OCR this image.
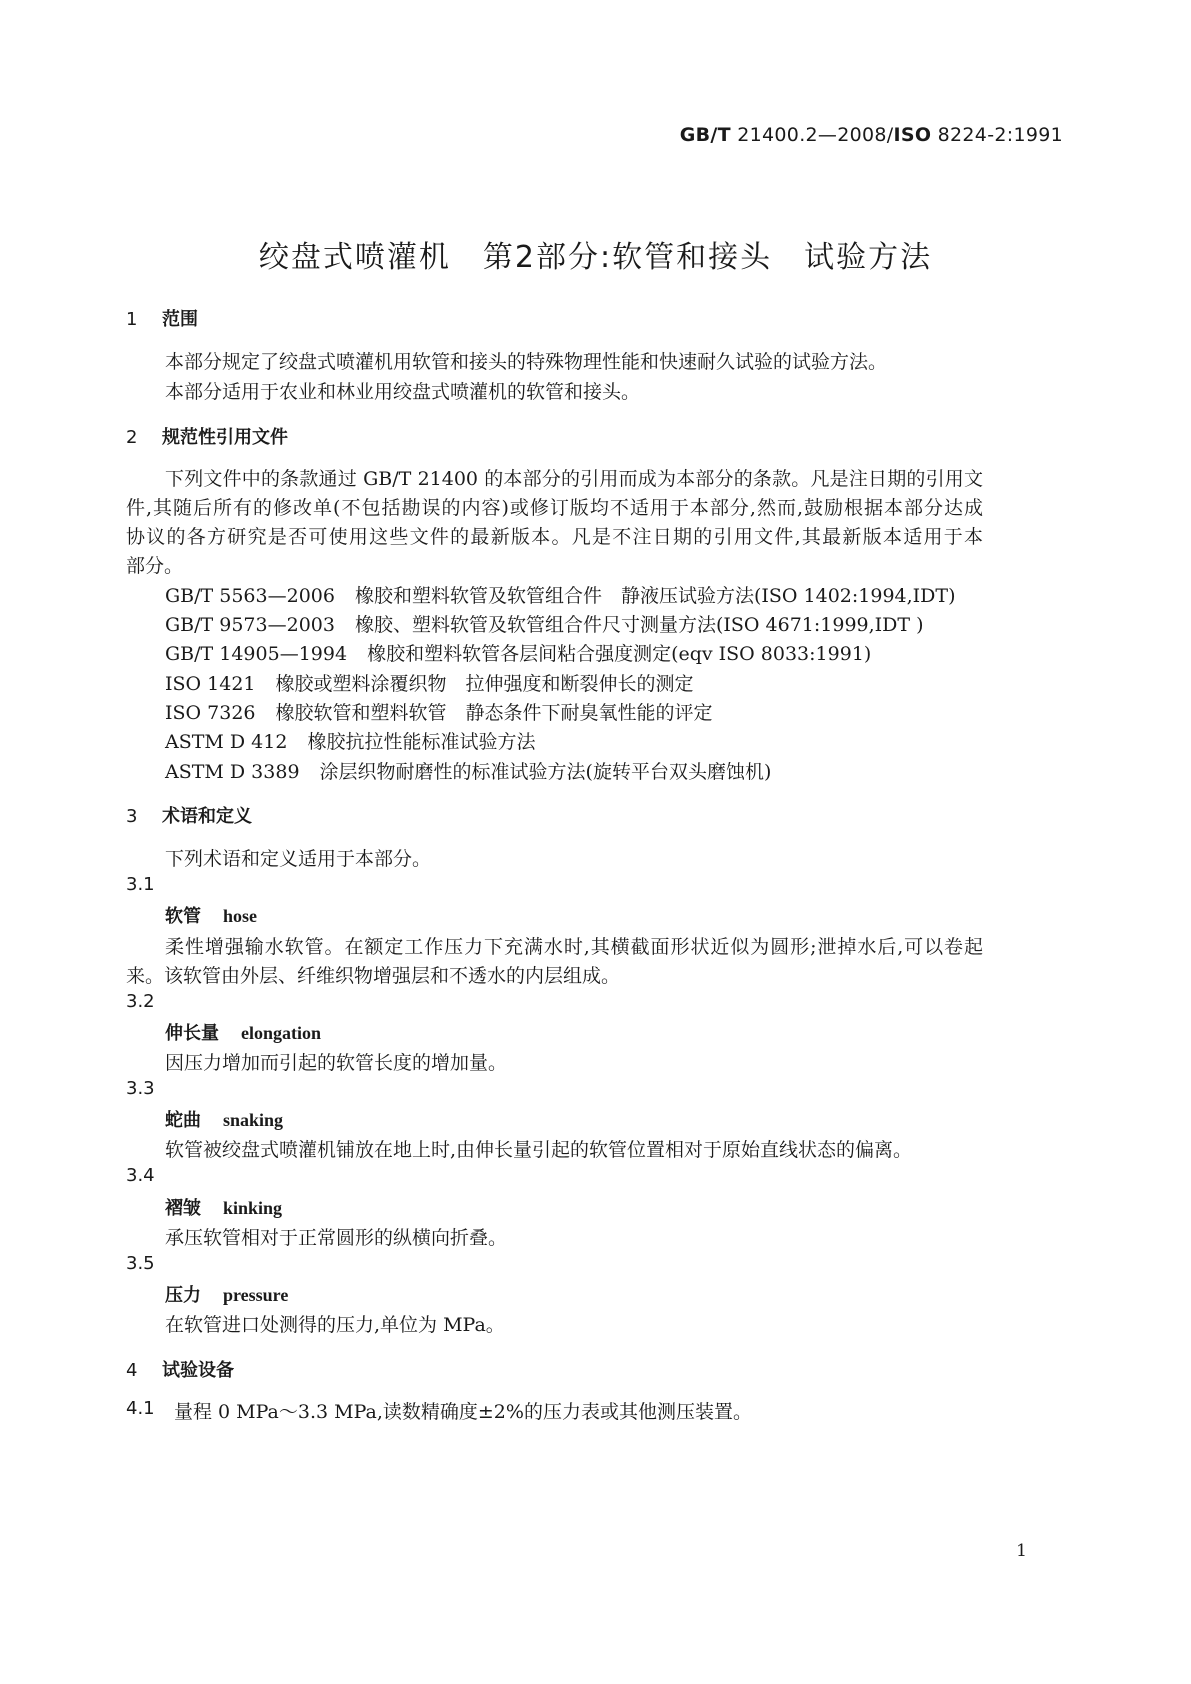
GB/T 21400.2—2008/ISO 8224-2:1991
绞盘式喷灌机　第2部分:软管和接头　试验方法
1 范围
本部分规定了绞盘式喷灌机用软管和接头的特殊物理性能和快速耐久试验的试验方法。
本部分适用于农业和林业用绞盘式喷灌机的软管和接头。
2 规范性引用文件
下列文件中的条款通过 GB/T 21400 的本部分的引用而成为本部分的条款。凡是注日期的引用文
件,其随后所有的修改单(不包括勘误的内容)或修订版均不适用于本部分,然而,鼓励根据本部分达成
协议的各方研究是否可使用这些文件的最新版本。凡是不注日期的引用文件,其最新版本适用于本
部分。
GB/T 5563—2006 橡胶和塑料软管及软管组合件　静液压试验方法(ISO 1402:1994,IDT)
GB/T 9573—2003 橡胶、塑料软管及软管组合件尺寸测量方法(ISO 4671:1999,IDT )
GB/T 14905—1994 橡胶和塑料软管各层间粘合强度测定(eqv ISO 8033:1991)
ISO 1421 橡胶或塑料涂覆织物　拉伸强度和断裂伸长的测定
ISO 7326 橡胶软管和塑料软管　静态条件下耐臭氧性能的评定
ASTM D 412 橡胶抗拉性能标准试验方法
ASTM D 3389 涂层织物耐磨性的标准试验方法(旋转平台双头磨蚀机)
3 术语和定义
下列术语和定义适用于本部分。
3.1
软管 hose
柔性增强输水软管。在额定工作压力下充满水时,其横截面形状近似为圆形;泄掉水后,可以卷起
来。该软管由外层、纤维织物增强层和不透水的内层组成。
3.2
伸长量 elongation
因压力增加而引起的软管长度的增加量。
3.3
蛇曲 snaking
软管被绞盘式喷灌机铺放在地上时,由伸长量引起的软管位置相对于原始直线状态的偏离。
3.4
褶皱 kinking
承压软管相对于正常圆形的纵横向折叠。
3.5
压力 pressure
在软管进口处测得的压力,单位为 MPa。
4 试验设备
4.1 量程 0 MPa～3.3 MPa,读数精确度±2%的压力表或其他测压装置。
1
